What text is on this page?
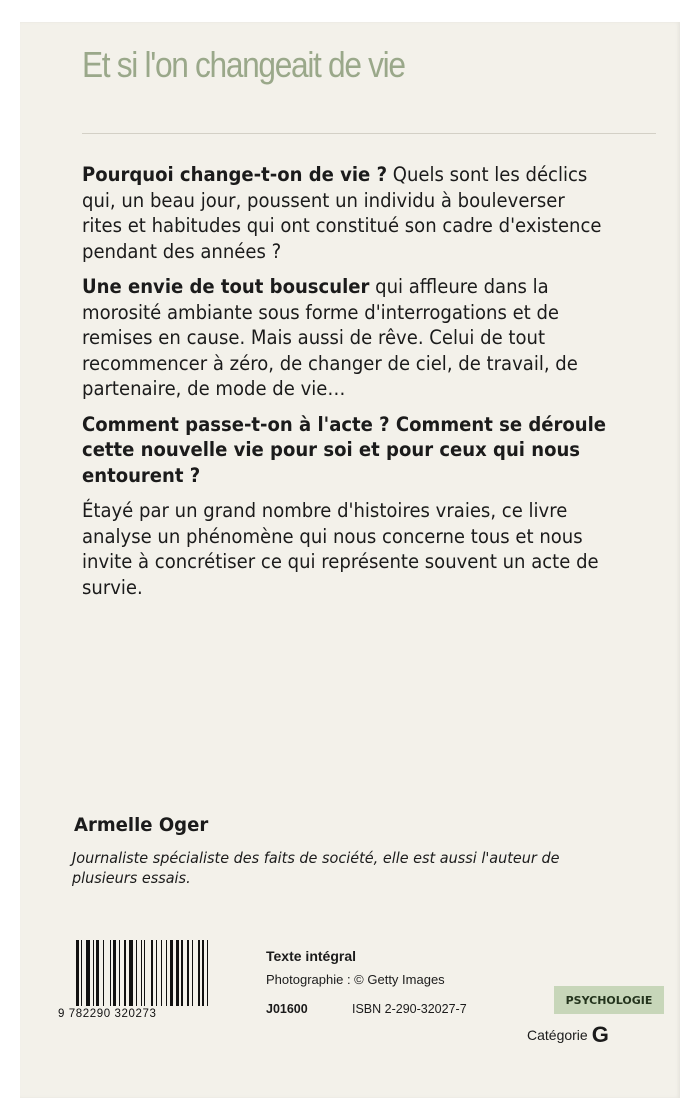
Et si l'on changeait de vie

Pourquoi change-t-on de vie ? Quels sont les déclics qui, un beau jour, poussent un individu à bouleverser rites et habitudes qui ont constitué son cadre d'existence pendant des années ?

Une envie de tout bousculer qui affleure dans la morosité ambiante sous forme d'interrogations et de remises en cause. Mais aussi de rêve. Celui de tout recommencer à zéro, de changer de ciel, de travail, de partenaire, de mode de vie…

Comment passe-t-on à l'acte ? Comment se déroule cette nouvelle vie pour soi et pour ceux qui nous entourent ?

Étayé par un grand nombre d'histoires vraies, ce livre analyse un phénomène qui nous concerne tous et nous invite à concrétiser ce qui représente souvent un acte de survie.

Armelle Oger
Journaliste spécialiste des faits de société, elle est aussi l'auteur de plusieurs essais.
9 782290 320273
Texte intégral
Photographie : © Getty Images
J01600	ISBN 2-290-32027-7
PSYCHOLOGIE
Catégorie G
